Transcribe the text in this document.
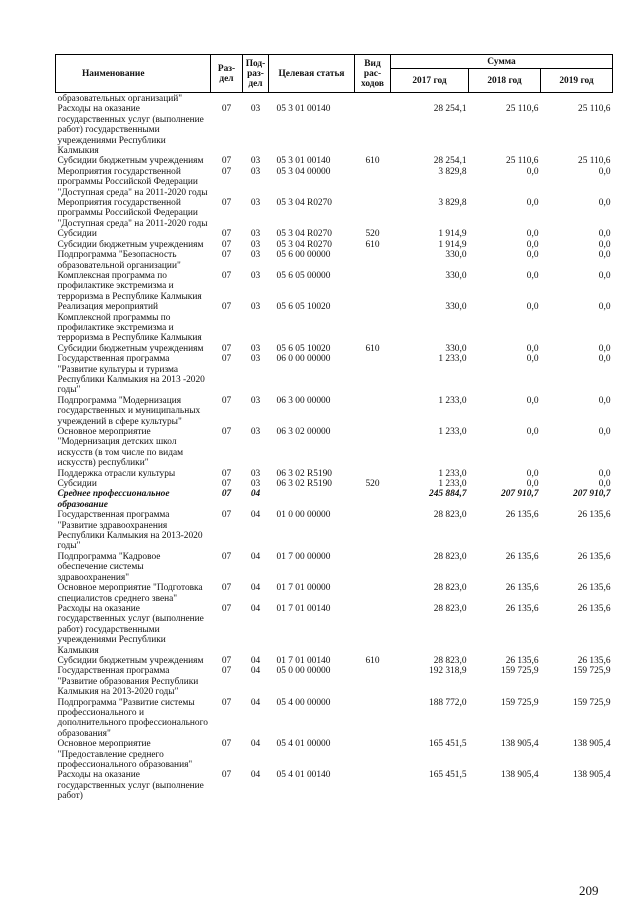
Наименование	Раз- дел	Под- раз- дел	Целевая статья	Вид рас- ходов	Сумма		
					2017 год	2018 год	2019 год
образовательных организаций"							
Расходы на оказание государственных услуг (выполнение работ) государственными учреждениями Республики Калмыкия	07	03	05 3 01 00140		28 254,1	25 110,6	25 110,6
Субсидии бюджетным учреждениям	07	03	05 3 01 00140	610	28 254,1	25 110,6	25 110,6
Мероприятия государственной программы Российской Федерации "Доступная среда" на 2011-2020 годы	07	03	05 3 04 00000		3 829,8	0,0	0,0
Мероприятия государственной программы Российской Федерации "Доступная среда" на 2011-2020 годы	07	03	05 3 04 R0270		3 829,8	0,0	0,0
Субсидии	07	03	05 3 04 R0270	520	1 914,9	0,0	0,0
Субсидии бюджетным учреждениям	07	03	05 3 04 R0270	610	1 914,9	0,0	0,0
Подпрограмма "Безопасность образовательной организации"	07	03	05 6 00 00000		330,0	0,0	0,0
Комплексная программа по профилактике экстремизма и терроризма в Республике Калмыкия	07	03	05 6 05 00000		330,0	0,0	0,0
Реализация мероприятий Комплексной программы по профилактике экстремизма и терроризма в Республике Калмыкия	07	03	05 6 05 10020		330,0	0,0	0,0
Субсидии бюджетным учреждениям	07	03	05 6 05 10020	610	330,0	0,0	0,0
Государственная программа "Развитие культуры и туризма Республики Калмыкия на 2013 -2020 годы"	07	03	06 0 00 00000		1 233,0	0,0	0,0
Подпрограмма "Модернизация государственных и муниципальных учреждений в сфере культуры"	07	03	06 3 00 00000		1 233,0	0,0	0,0
Основное мероприятие "Модернизация детских школ искусств (в том числе по видам искусств) республики"	07	03	06 3 02 00000		1 233,0	0,0	0,0
Поддержка отрасли культуры	07	03	06 3 02 R5190		1 233,0	0,0	0,0
Субсидии	07	03	06 3 02 R5190	520	1 233,0	0,0	0,0
Среднее профессиональное образование	07	04			245 884,7	207 910,7	207 910,7
Государственная программа "Развитие здравоохранения Республики Калмыкия на 2013-2020 годы"	07	04	01 0 00 00000		28 823,0	26 135,6	26 135,6
Подпрограмма "Кадровое обеспечение системы здравоохранения"	07	04	01 7 00 00000		28 823,0	26 135,6	26 135,6
Основное мероприятие "Подготовка специалистов среднего звена"	07	04	01 7 01 00000		28 823,0	26 135,6	26 135,6
Расходы на оказание государственных услуг (выполнение работ) государственными учреждениями Республики Калмыкия	07	04	01 7 01 00140		28 823,0	26 135,6	26 135,6
Субсидии бюджетным учреждениям	07	04	01 7 01 00140	610	28 823,0	26 135,6	26 135,6
Государственная программа "Развитие образования Республики Калмыкия на 2013-2020 годы"	07	04	05 0 00 00000		192 318,9	159 725,9	159 725,9
Подпрограмма "Развитие системы профессионального и дополнительного профессионального образования"	07	04	05 4 00 00000		188 772,0	159 725,9	159 725,9
Основное мероприятие "Предоставление среднего профессионального образования"	07	04	05 4 01 00000		165 451,5	138 905,4	138 905,4
Расходы на оказание государственных услуг (выполнение работ)	07	04	05 4 01 00140		165 451,5	138 905,4	138 905,4
209
